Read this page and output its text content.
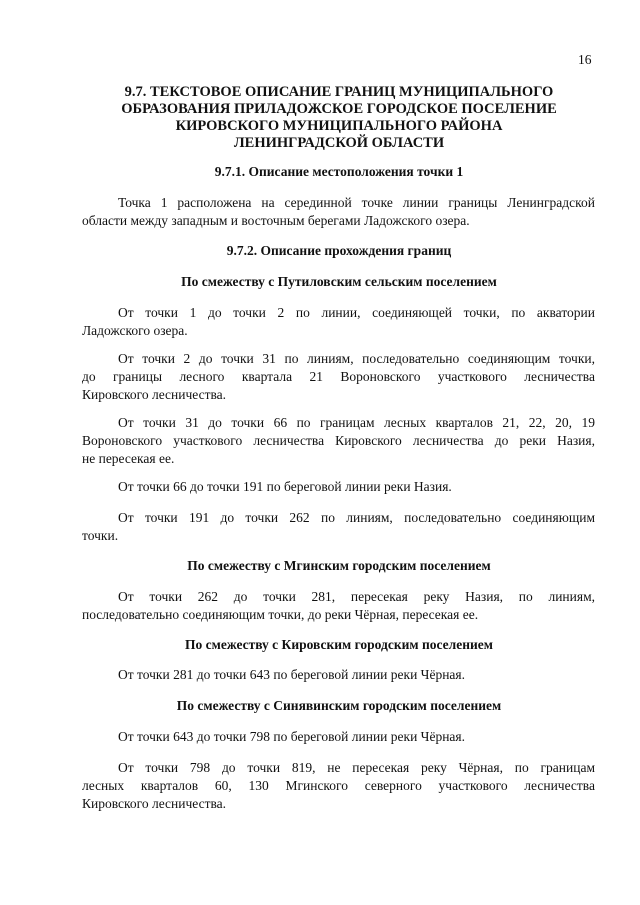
16
9.7. ТЕКСТОВОЕ ОПИСАНИЕ ГРАНИЦ МУНИЦИПАЛЬНОГО
ОБРАЗОВАНИЯ ПРИЛАДОЖСКОЕ ГОРОДСКОЕ ПОСЕЛЕНИЕ
КИРОВСКОГО МУНИЦИПАЛЬНОГО РАЙОНА
ЛЕНИНГРАДСКОЙ ОБЛАСТИ
9.7.1. Описание местоположения точки 1

Точка 1 расположена на серединной точке линии границы Ленинградской
области между западным и восточным берегами Ладожского озера.

9.7.2. Описание прохождения границ
По смежеству с Путиловским сельским поселением

От точки 1 до точки 2 по линии, соединяющей точки, по акватории
Ладожского озера.

От точки 2 до точки 31 по линиям, последовательно соединяющим точки,
до границы лесного квартала 21 Вороновского участкового лесничества
Кировского лесничества.

От точки 31 до точки 66 по границам лесных кварталов 21, 22, 20, 19
Вороновского участкового лесничества Кировского лесничества до реки Назия,
не пересекая ее.

От точки 66 до точки 191 по береговой линии реки Назия.

От точки 191 до точки 262 по линиям, последовательно соединяющим
точки.

По смежеству с Мгинским городским поселением

От точки 262 до точки 281, пересекая реку Назия, по линиям,
последовательно соединяющим точки, до реки Чёрная, пересекая ее.

По смежеству с Кировским городским поселением

От точки 281 до точки 643 по береговой линии реки Чёрная.

По смежеству с Синявинским городским поселением

От точки 643 до точки 798 по береговой линии реки Чёрная.

От точки 798 до точки 819, не пересекая реку Чёрная, по границам
лесных кварталов 60, 130 Мгинского северного участкового лесничества
Кировского лесничества.
